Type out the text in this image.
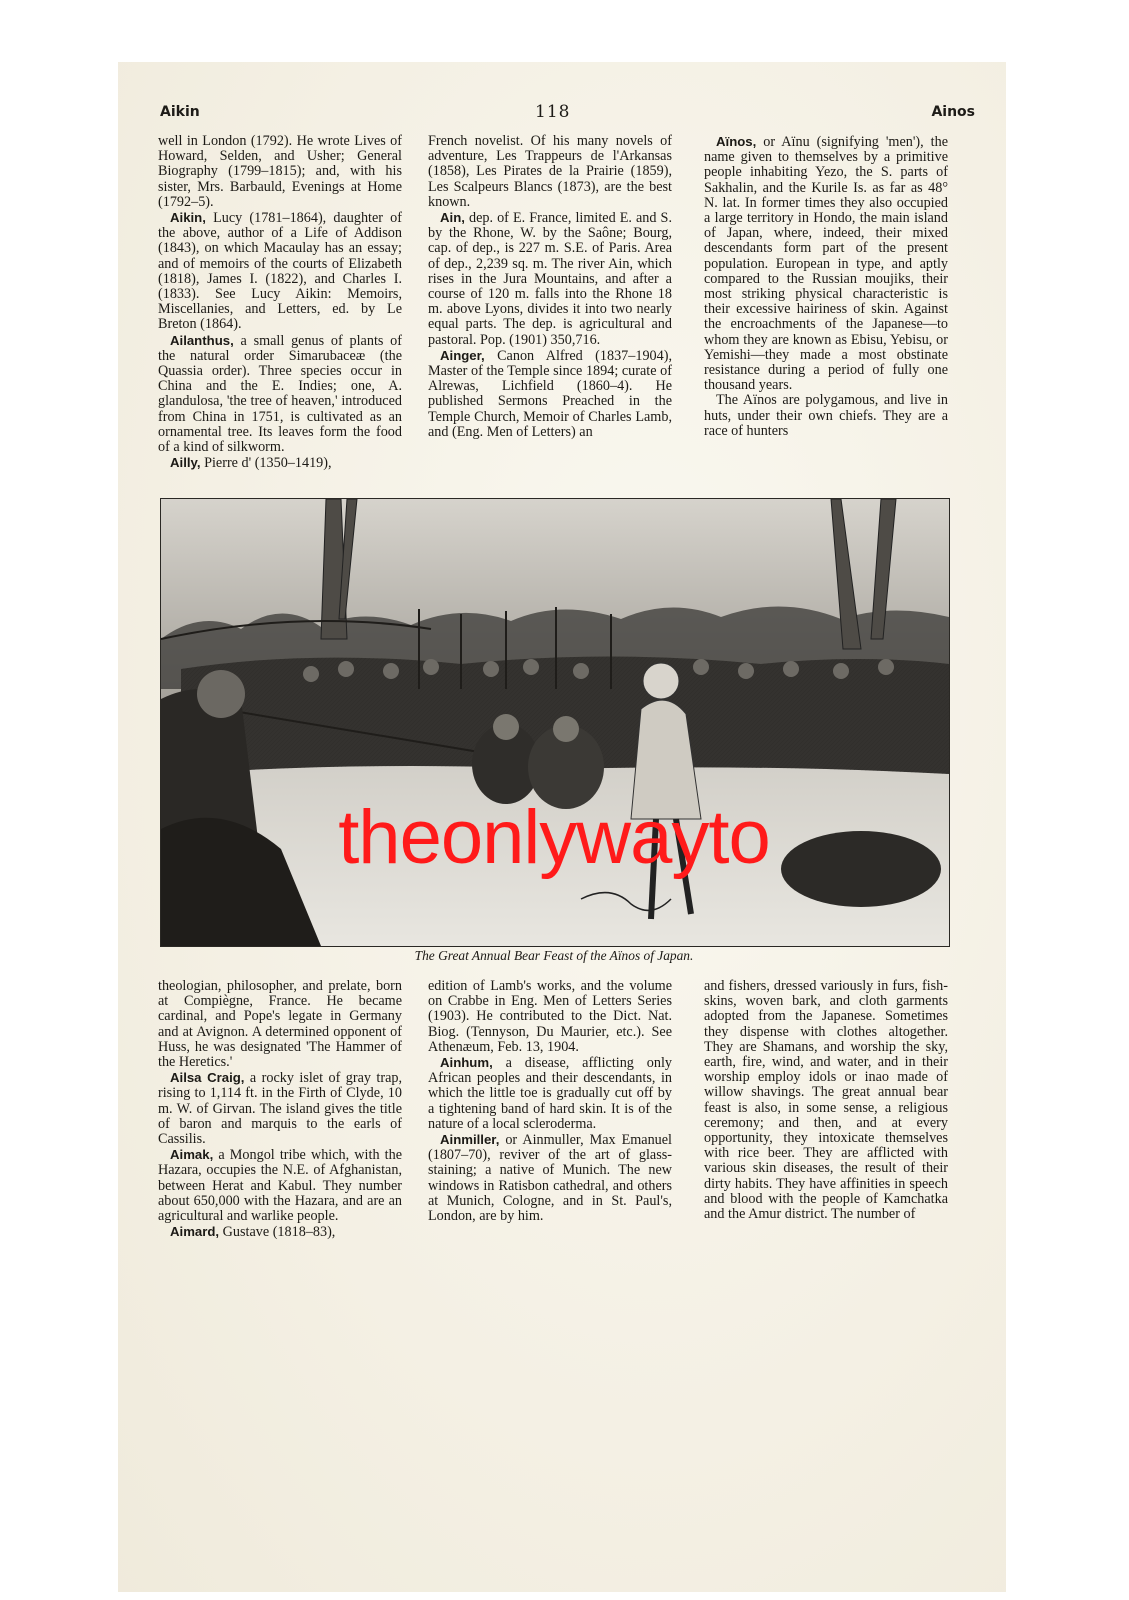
Aikin	118	Ainos

well in London (1792). He wrote Lives of Howard, Selden, and Usher; General Biography (1799–1815); and, with his sister, Mrs. Barbauld, Evenings at Home (1792–5).

Aikin, Lucy (1781–1864), daughter of the above, author of a Life of Addison (1843), on which Macaulay has an essay; and of memoirs of the courts of Elizabeth (1818), James I. (1822), and Charles I. (1833). See Lucy Aikin: Memoirs, Miscellanies, and Letters, ed. by Le Breton (1864).

Ailanthus, a small genus of plants of the natural order Simarubaceæ (the Quassia order). Three species occur in China and the E. Indies; one, A. glandulosa, 'the tree of heaven,' introduced from China in 1751, is cultivated as an ornamental tree. Its leaves form the food of a kind of silkworm.

Ailly, Pierre d' (1350–1419),

French novelist. Of his many novels of adventure, Les Trappeurs de l'Arkansas (1858), Les Pirates de la Prairie (1859), Les Scalpeurs Blancs (1873), are the best known.

Ain, dep. of E. France, limited E. and S. by the Rhone, W. by the Saône; Bourg, cap. of dep., is 227 m. S.E. of Paris. Area of dep., 2,239 sq. m. The river Ain, which rises in the Jura Mountains, and after a course of 120 m. falls into the Rhone 18 m. above Lyons, divides it into two nearly equal parts. The dep. is agricultural and pastoral. Pop. (1901) 350,716.

Ainger, Canon Alfred (1837–1904), Master of the Temple since 1894; curate of Alrewas, Lichfield (1860–4). He published Sermons Preached in the Temple Church, Memoir of Charles Lamb, and (Eng. Men of Letters) an

Aïnos, or Aïnu (signifying 'men'), the name given to themselves by a primitive people inhabiting Yezo, the S. parts of Sakhalin, and the Kurile Is. as far as 48° N. lat. In former times they also occupied a large territory in Hondo, the main island of Japan, where, indeed, their mixed descendants form part of the present population. European in type, and aptly compared to the Russian moujiks, their most striking physical characteristic is their excessive hairiness of skin. Against the encroachments of the Japanese—to whom they are known as Ebisu, Yebisu, or Yemishi—they made a most obstinate resistance during a period of fully one thousand years.

The Aïnos are polygamous, and live in huts, under their own chiefs. They are a race of hunters

theonlywayto
The Great Annual Bear Feast of the Aïnos of Japan.

theologian, philosopher, and prelate, born at Compiègne, France. He became cardinal, and Pope's legate in Germany and at Avignon. A determined opponent of Huss, he was designated 'The Hammer of the Heretics.'

Ailsa Craig, a rocky islet of gray trap, rising to 1,114 ft. in the Firth of Clyde, 10 m. W. of Girvan. The island gives the title of baron and marquis to the earls of Cassilis.

Aimak, a Mongol tribe which, with the Hazara, occupies the N.E. of Afghanistan, between Herat and Kabul. They number about 650,000 with the Hazara, and are an agricultural and warlike people.

Aimard, Gustave (1818–83),

edition of Lamb's works, and the volume on Crabbe in Eng. Men of Letters Series (1903). He contributed to the Dict. Nat. Biog. (Tennyson, Du Maurier, etc.). See Athenæum, Feb. 13, 1904.

Ainhum, a disease, afflicting only African peoples and their descendants, in which the little toe is gradually cut off by a tightening band of hard skin. It is of the nature of a local scleroderma.

Ainmiller, or Ainmuller, Max Emanuel (1807–70), reviver of the art of glass-staining; a native of Munich. The new windows in Ratisbon cathedral, and others at Munich, Cologne, and in St. Paul's, London, are by him.

and fishers, dressed variously in furs, fish-skins, woven bark, and cloth garments adopted from the Japanese. Sometimes they dispense with clothes altogether. They are Shamans, and worship the sky, earth, fire, wind, and water, and in their worship employ idols or inao made of willow shavings. The great annual bear feast is also, in some sense, a religious ceremony; and then, and at every opportunity, they intoxicate themselves with rice beer. They are afflicted with various skin diseases, the result of their dirty habits. They have affinities in speech and blood with the people of Kamchatka and the Amur district. The number of
